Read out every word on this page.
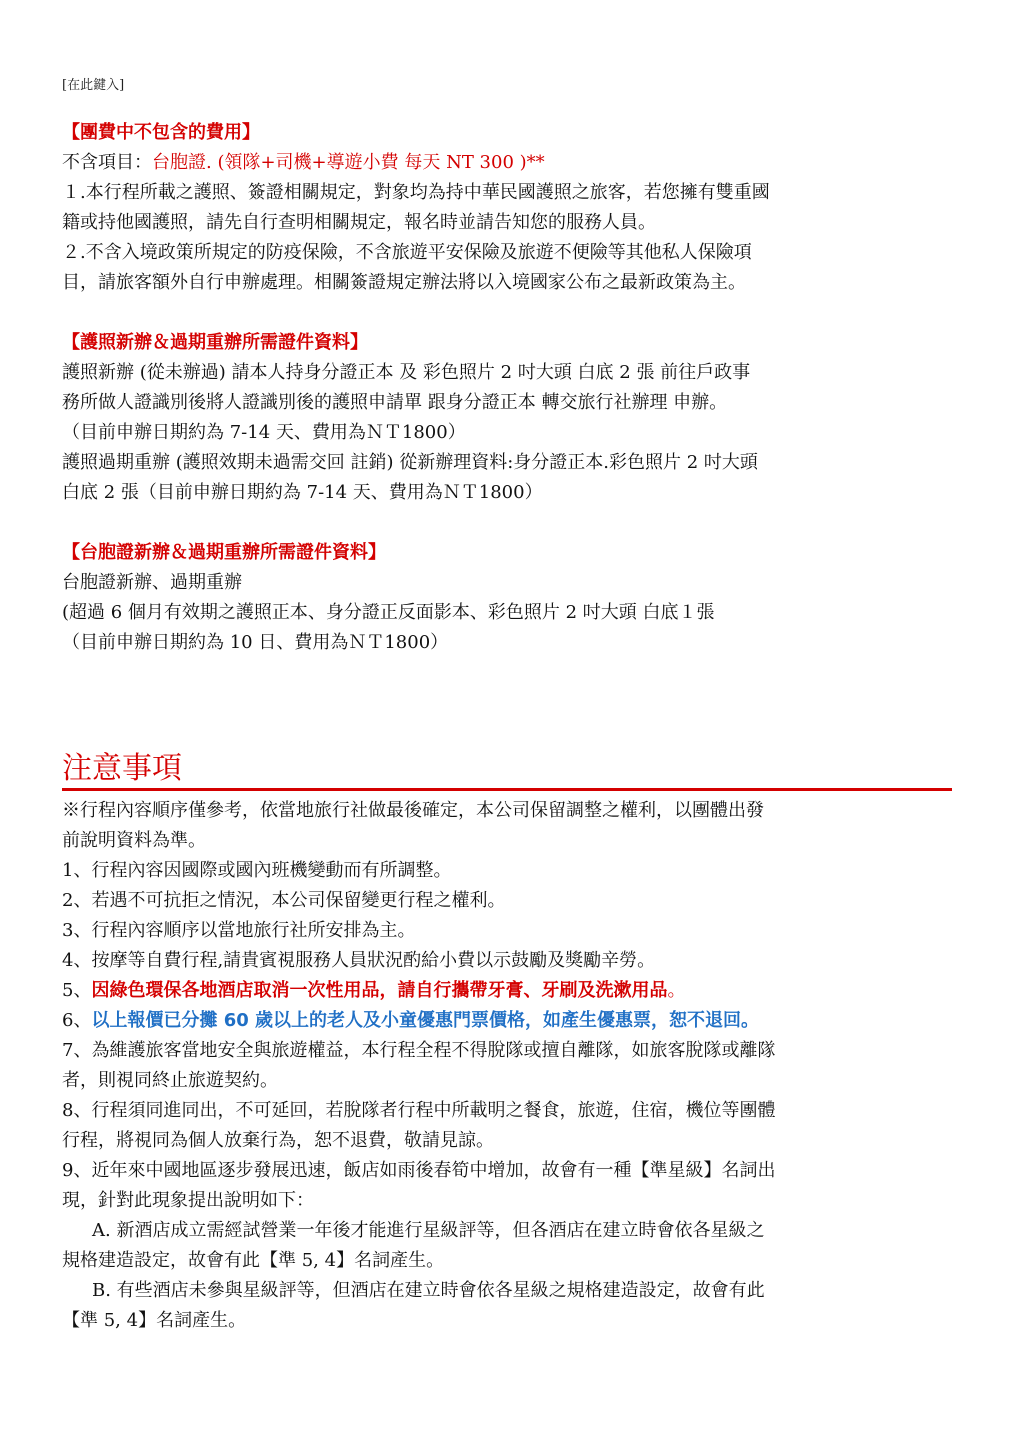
[在此鍵入]
【團費中不包含的費用】
不含項目：台胞證. (領隊+司機+導遊小費 每天 NT 300 )**
１.本行程所載之護照、簽證相關規定，對象均為持中華民國護照之旅客，若您擁有雙重國
籍或持他國護照，請先自行查明相關規定，報名時並請告知您的服務人員。
２.不含入境政策所規定的防疫保險，不含旅遊平安保險及旅遊不便險等其他私人保險項
目，請旅客額外自行申辦處理。相關簽證規定辦法將以入境國家公布之最新政策為主。
【護照新辦＆過期重辦所需證件資料】
護照新辦 (從未辦過) 請本人持身分證正本 及 彩色照片 2 吋大頭 白底 2 張 前往戶政事
務所做人證識別後將人證識別後的護照申請單 跟身分證正本 轉交旅行社辦理 申辦。
（目前申辦日期約為 7-14 天、費用為ＮＴ1800）
護照過期重辦 (護照效期未過需交回 註銷) 從新辦理資料:身分證正本.彩色照片 2 吋大頭
白底 2 張（目前申辦日期約為 7-14 天、費用為ＮＴ1800）
【台胞證新辦＆過期重辦所需證件資料】
台胞證新辦、過期重辦
(超過 6 個月有效期之護照正本、身分證正反面影本、彩色照片 2 吋大頭 白底１張
（目前申辦日期約為 10 日、費用為ＮＴ1800）
注意事項
※行程內容順序僅參考，依當地旅行社做最後確定，本公司保留調整之權利，以團體出發
前說明資料為準。
1、行程內容因國際或國內班機變動而有所調整。
2、若遇不可抗拒之情況，本公司保留變更行程之權利。
3、行程內容順序以當地旅行社所安排為主。
4、按摩等自費行程,請貴賓視服務人員狀況酌給小費以示鼓勵及獎勵辛勞。
5、因綠色環保各地酒店取消一次性用品，請自行攜帶牙膏、牙刷及洗漱用品。
6、以上報價已分攤 60 歲以上的老人及小童優惠門票價格，如產生優惠票，恕不退回。
7、為維護旅客當地安全與旅遊權益，本行程全程不得脫隊或擅自離隊，如旅客脫隊或離隊
者，則視同終止旅遊契約。
8、行程須同進同出，不可延回，若脫隊者行程中所載明之餐食，旅遊，住宿，機位等團體
行程，將視同為個人放棄行為，恕不退費，敬請見諒。
9、近年來中國地區逐步發展迅速，飯店如雨後春筍中增加，故會有一種【準星級】名詞出
現，針對此現象提出說明如下：
A. 新酒店成立需經試營業一年後才能進行星級評等，但各酒店在建立時會依各星級之
規格建造設定，故會有此【準 5, 4】名詞產生。
B. 有些酒店未參與星級評等，但酒店在建立時會依各星級之規格建造設定，故會有此
【準 5, 4】名詞產生。
